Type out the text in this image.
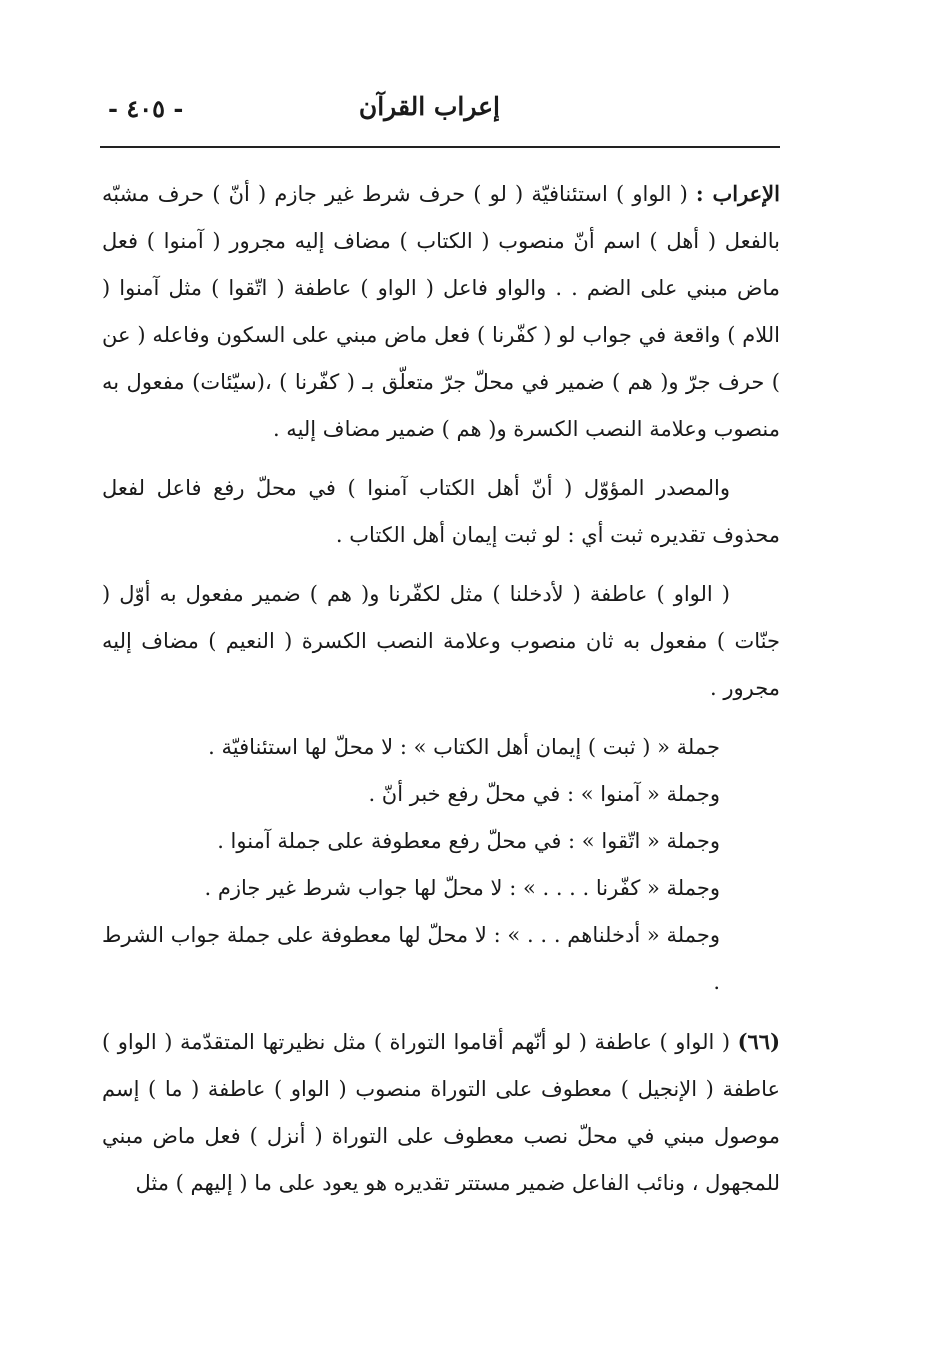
إعراب القرآن
- ٤٠٥ -

الإعراب : ( الواو ) استئنافيّة ( لو ) حرف شرط غير جازم ( أنّ ) حرف مشبّه بالفعل ( أهل ) اسم أنّ منصوب ( الكتاب ) مضاف إليه مجرور ( آمنوا ) فعل ماض مبني على الضم . . والواو فاعل ( الواو ) عاطفة ( اتّقوا ) مثل آمنوا ( اللام ) واقعة في جواب لو ( كفّرنا ) فعل ماض مبني على السكون وفاعله ( عن ) حرف جرّ و( هم ) ضمير في محلّ جرّ متعلّق بـ ( كفّرنا ) ،(سيّئات) مفعول به منصوب وعلامة النصب الكسرة و( هم ) ضمير مضاف إليه .

والمصدر المؤوّل ( أنّ أهل الكتاب آمنوا ) في محلّ رفع فاعل لفعل محذوف تقديره ثبت أي : لو ثبت إيمان أهل الكتاب .

( الواو ) عاطفة ( لأدخلنا ) مثل لكفّرنا و( هم ) ضمير مفعول به أوّل ( جنّات ) مفعول به ثان منصوب وعلامة النصب الكسرة ( النعيم ) مضاف إليه مجرور .

جملة « ( ثبت ) إيمان أهل الكتاب » : لا محلّ لها استئنافيّة .

وجملة « آمنوا » : في محلّ رفع خبر أنّ .

وجملة « اتّقوا » : في محلّ رفع معطوفة على جملة آمنوا .

وجملة « كفّرنا . . . . » : لا محلّ لها جواب شرط غير جازم .

وجملة « أدخلناهم . . . » : لا محلّ لها معطوفة على جملة جواب الشرط .

(٦٦) ( الواو ) عاطفة ( لو أنّهم أقاموا التوراة ) مثل نظيرتها المتقدّمة ( الواو ) عاطفة ( الإنجيل ) معطوف على التوراة منصوب ( الواو ) عاطفة ( ما ) إسم موصول مبني في محلّ نصب معطوف على التوراة ( أنزل ) فعل ماض مبني للمجهول ، ونائب الفاعل ضمير مستتر تقديره هو يعود على ما ( إليهم ) مثل
